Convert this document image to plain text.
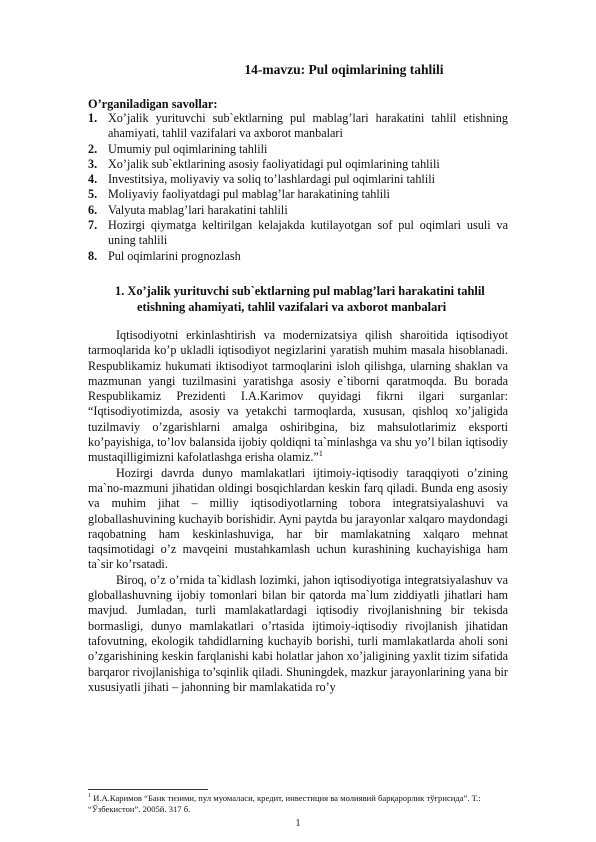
14-mavzu: Pul oqimlarining tahlili
O’rganiladigan savollar:
1. Xo’jalik yurituvchi sub`ektlarning pul mablag’lari harakatini tahlil etishning ahamiyati, tahlil vazifalari va axborot manbalari
2. Umumiy pul oqimlarining tahlili
3. Xo’jalik sub`ektlarining asosiy faoliyatidagi pul oqimlarining tahlili
4. Investitsiya, moliyaviy va soliq to’lashlardagi pul oqimlarini tahlili
5. Moliyaviy faoliyatdagi pul mablag’lar harakatining tahlili
6. Valyuta mablag’lari harakatini tahlili
7. Hozirgi qiymatga keltirilgan kelajakda kutilayotgan sof pul oqimlari usuli va uning tahlili
8. Pul oqimlarini prognozlash
1. Xo’jalik yurituvchi sub`ektlarning pul mablag’lari harakatini tahlil
etishning ahamiyati, tahlil vazifalari va axborot manbalari

Iqtisodiyotni erkinlashtirish va modernizatsiya qilish sharoitida iqtisodiyot tarmoqlarida ko’p ukladli iqtisodiyot negizlarini yaratish muhim masala hisoblanadi. Respublikamiz hukumati iktisodiyot tarmoqlarini isloh qilishga, ularning shaklan va mazmunan yangi tuzilmasini yaratishga asosiy e`tiborni qaratmoqda. Bu borada Respublikamiz Prezidenti I.A.Karimov quyidagi fikrni ilgari surganlar: “Iqtisodiyotimizda, asosiy va yetakchi tarmoqlarda, xususan, qishloq xo’jaligida tuzilmaviy o’zgarishlarni amalga oshiribgina, biz mahsulotlarimiz eksporti ko’payishiga, to’lov balansida ijobiy qoldiqni ta`minlashga va shu yo’l bilan iqtisodiy mustaqilligimizni kafolatlashga erisha olamiz.”$^1$

Hozirgi davrda dunyo mamlakatlari ijtimoiy-iqtisodiy taraqqiyoti o’zining ma`no-mazmuni jihatidan oldingi bosqichlardan keskin farq qiladi. Bunda eng asosiy va muhim jihat – milliy iqtisodiyotlarning tobora integratsiyalashuvi va globallashuvining kuchayib borishidir. Ayni paytda bu jarayonlar xalqaro maydondagi raqobatning ham keskinlashuviga, har bir mamlakatning xalqaro mehnat taqsimotidagi o’z mavqeini mustahkamlash uchun kurashining kuchayishiga ham ta`sir ko’rsatadi.

Biroq, o’z o’rnida ta`kidlash lozimki, jahon iqtisodiyotiga integratsiyalashuv va globallashuvning ijobiy tomonlari bilan bir qatorda ma`lum ziddiyatli jihatlari ham mavjud. Jumladan, turli mamlakatlardagi iqtisodiy rivojlanishning bir tekisda bormasligi, dunyo mamlakatlari o’rtasida ijtimoiy-iqtisodiy rivojlanish jihatidan tafovutning, ekologik tahdidlarning kuchayib borishi, turli mamlakatlarda aholi soni o’zgarishining keskin farqlanishi kabi holatlar jahon xo’jaligining yaxlit tizim sifatida barqaror rivojlanishiga to’sqinlik qiladi. Shuningdek, mazkur jarayonlarining yana bir xususiyatli jihati – jahonning bir mamlakatida ro’y

$^1$ И.А.Каримов “Банк тизими, пул муомаласи, кредит, инвестиция ва молиявий барқарорлик тўғрисида”. Т.: “Ўзбекистон”. 2005й. 317 б.
1
